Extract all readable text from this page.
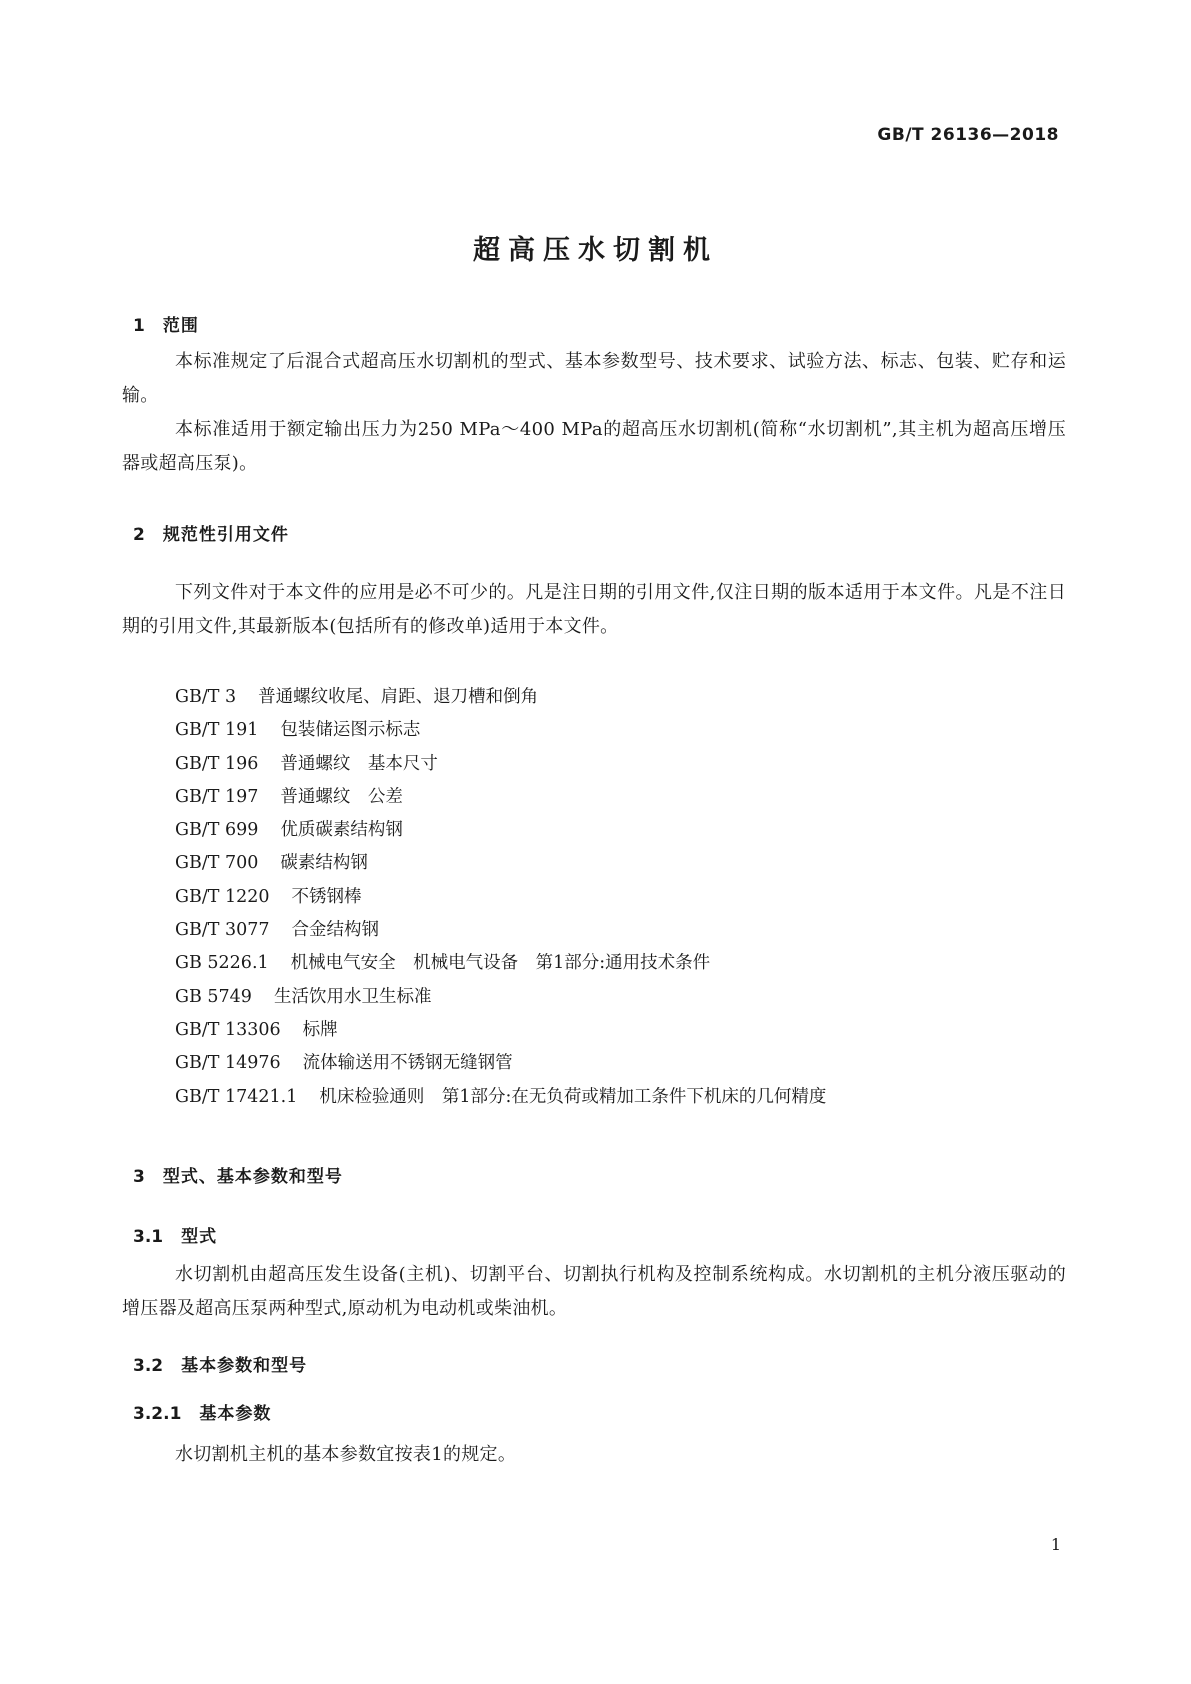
GB/T 26136—2018
超高压水切割机
1 范围

本标准规定了后混合式超高压水切割机的型式、基本参数型号、技术要求、试验方法、标志、包装、贮存和运输。

本标准适用于额定输出压力为250 MPa～400 MPa的超高压水切割机(简称“水切割机”,其主机为超高压增压器或超高压泵)。

2 规范性引用文件

下列文件对于本文件的应用是必不可少的。凡是注日期的引用文件,仅注日期的版本适用于本文件。凡是不注日期的引用文件,其最新版本(包括所有的修改单)适用于本文件。

GB/T 3 普通螺纹收尾、肩距、退刀槽和倒角
GB/T 191 包装储运图示标志
GB/T 196 普通螺纹　基本尺寸
GB/T 197 普通螺纹　公差
GB/T 699 优质碳素结构钢
GB/T 700 碳素结构钢
GB/T 1220 不锈钢棒
GB/T 3077 合金结构钢
GB 5226.1 机械电气安全　机械电气设备　第1部分:通用技术条件
GB 5749 生活饮用水卫生标准
GB/T 13306 标牌
GB/T 14976 流体输送用不锈钢无缝钢管
GB/T 17421.1 机床检验通则　第1部分:在无负荷或精加工条件下机床的几何精度
3 型式、基本参数和型号
3.1 型式

水切割机由超高压发生设备(主机)、切割平台、切割执行机构及控制系统构成。水切割机的主机分液压驱动的增压器及超高压泵两种型式,原动机为电动机或柴油机。

3.2 基本参数和型号
3.2.1 基本参数

水切割机主机的基本参数宜按表1的规定。

1
